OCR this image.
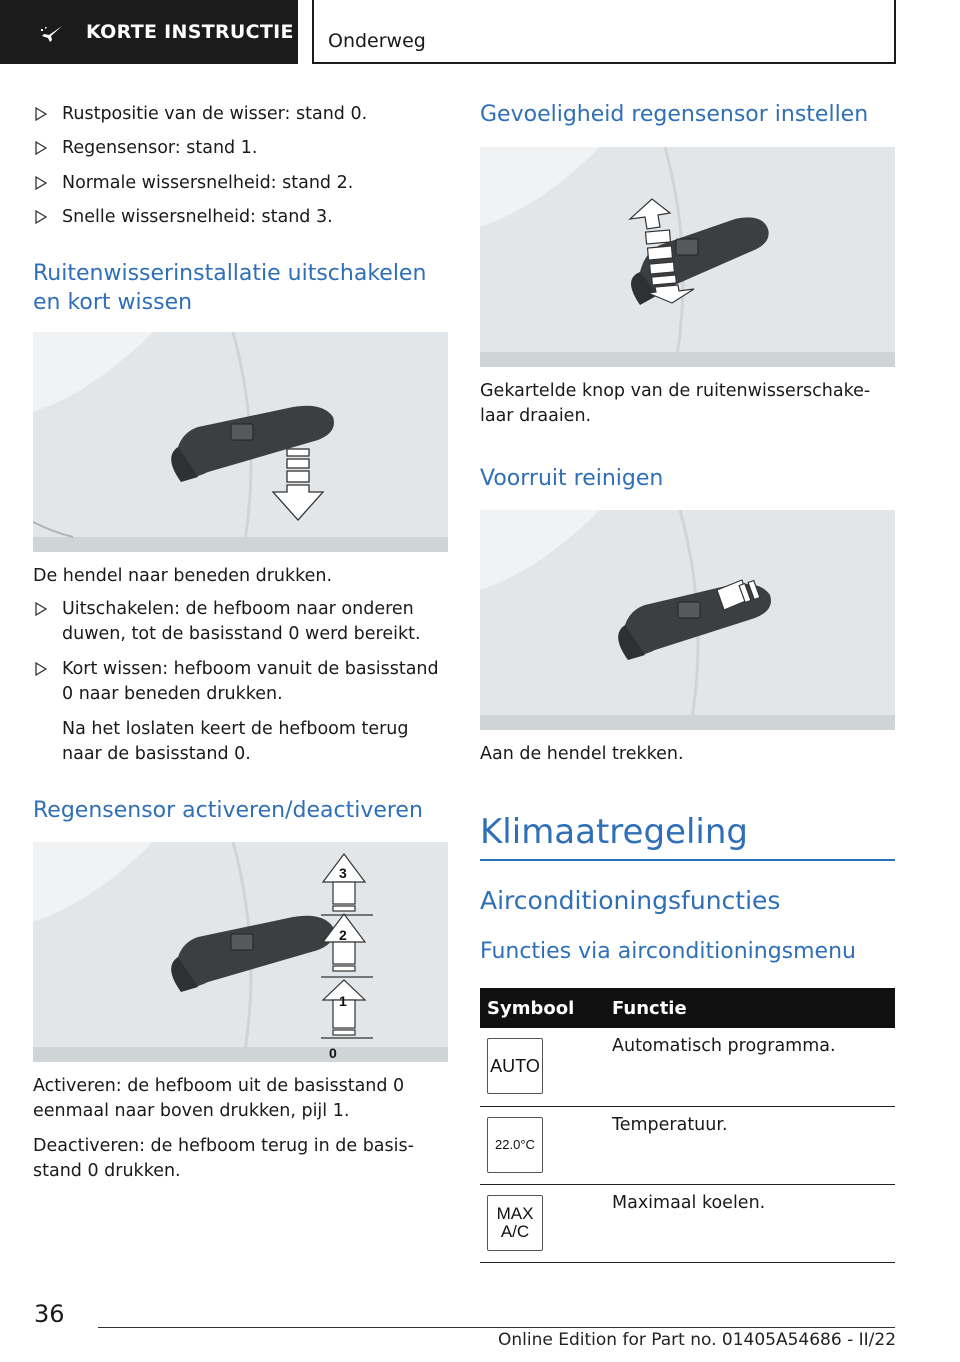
KORTE INSTRUCTIE	Onderweg
Rustpositie van de wisser: stand 0.
Regensensor: stand 1.
Normale wissersnelheid: stand 2.
Snelle wissersnelheid: stand 3.
Ruitenwisserinstallatie uitschakelen en kort wissen
De hendel naar beneden drukken.
Uitschakelen: de hefboom naar onderen duwen, tot de basisstand 0 werd bereikt.
Kort wissen: hefboom vanuit de basisstand 0 naar beneden drukken.
Na het loslaten keert de hefboom terug naar de basisstand 0.
Regensensor activeren/deactiveren
3
2
1
0

Activeren: de hefboom uit de basisstand 0 eenmaal naar boven drukken, pijl 1.

Deactiveren: de hefboom terug in de basis-stand 0 drukken.

Gevoeligheid regensensor instellen
Gekartelde knop van de ruitenwisserschake-laar draaien.
Voorruit reinigen
Aan de hendel trekken.
Klimaatregeling
Airconditioningsfuncties
Functies via airconditioningsmenu
Symbool	Functie

AUTO	Automatisch programma.

22.0°C	Temperatuur.

MAX
A/C	Maximaal koelen.
36
Online Edition for Part no. 01405A54686 - II/22
